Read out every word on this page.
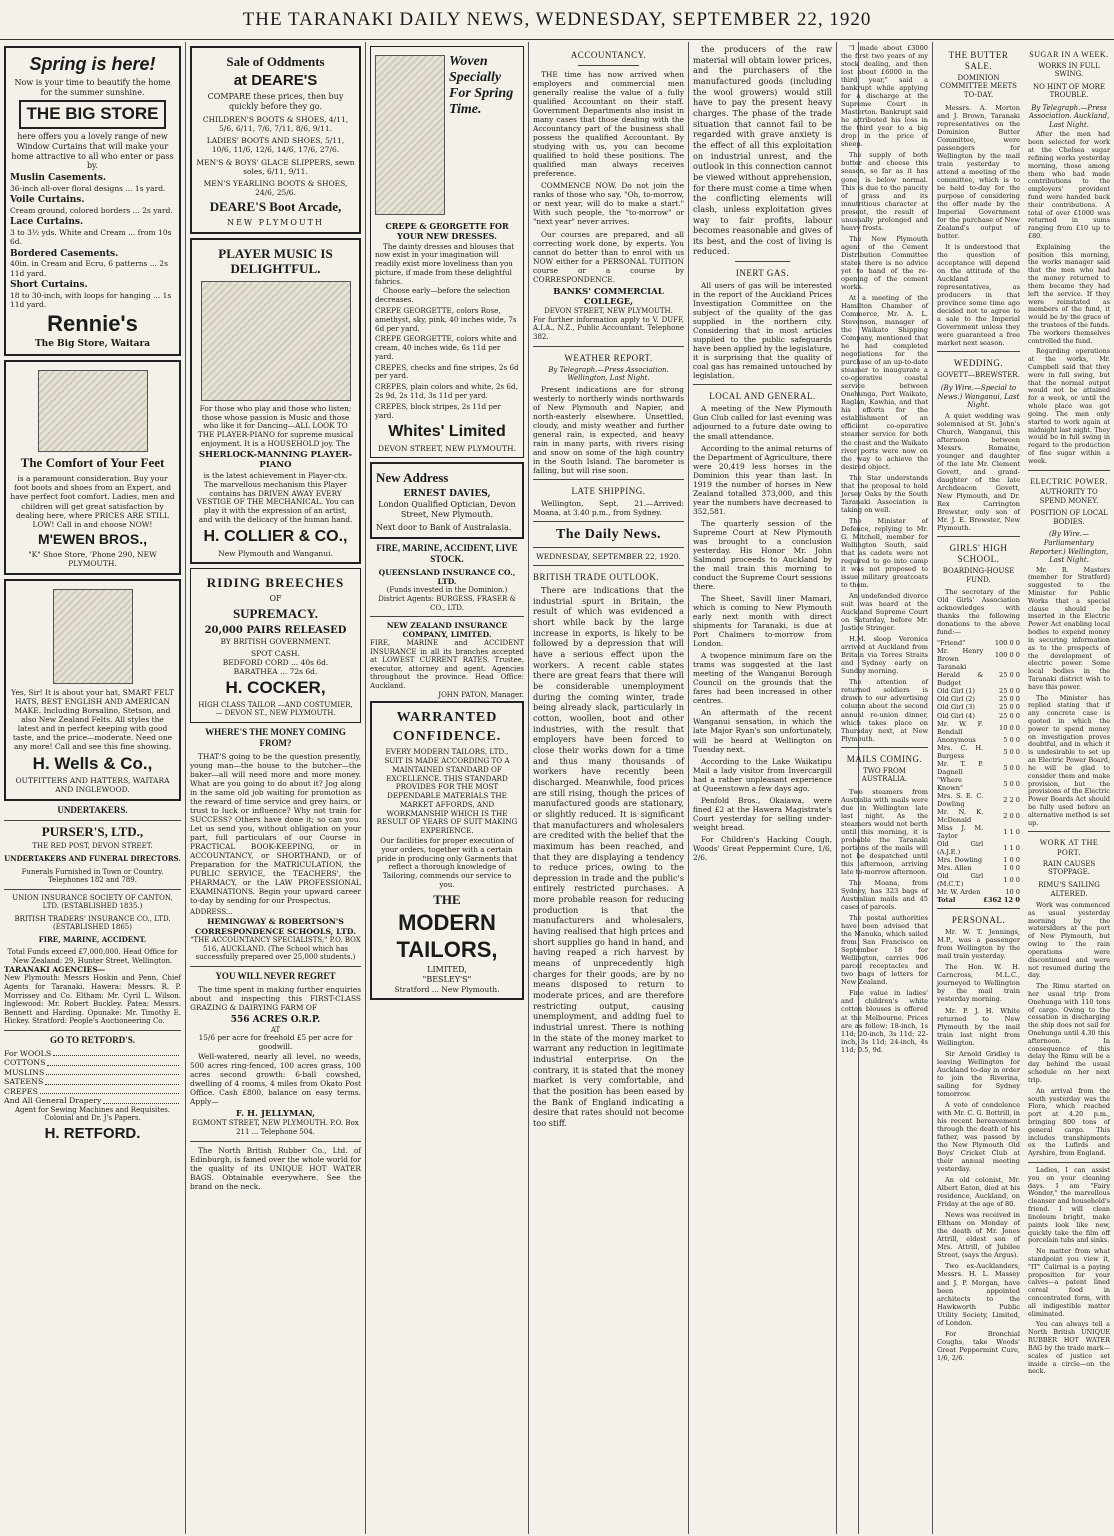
THE TARANAKI DAILY NEWS, WEDNESDAY, SEPTEMBER 22, 1920
Spring is here!

Now is your time to beautify the home for the summer sunshine.

THE BIG STORE

here offers you a lovely range of new Window Curtains that will make your home attractive to all who enter or pass by.

Muslin Casements.
36-inch all-over floral designs ... 1s yard.
Voile Curtains.
Cream ground, colored borders ... 2s yard.
Lace Curtains.
3 to 3½ yds. White and Cream ... from 10s 6d.
Bordered Casements.
40in. in Cream and Ecru, 6 patterns ... 2s 11d yard.
Short Curtains.
18 to 30-inch, with loops for hanging ... 1s 11d yard.
Rennie's
The Big Store, Waitara
The Comfort of Your Feet

is a paramount consideration. Buy your foot boots and shoes from an Expert, and have perfect foot comfort. Ladies, men and children will get great satisfaction by dealing here, where PRICES ARE STILL LOW! Call in and choose NOW!

M'EWEN BROS.,
"K" Shoe Store, 'Phone 290, NEW PLYMOUTH.

Yes, Sir! It is about your hat, SMART FELT HATS, BEST ENGLISH AND AMERICAN MAKE. Including Borsalino, Stetson, and also New Zealand Felts. All styles the latest and in perfect keeping with good taste, and the price—moderate. Need one any more! Call and see this fine showing.

H. Wells & Co.,
OUTFITTERS AND HATTERS, WAITARA AND INGLEWOOD.
UNDERTAKERS.
PURSER'S, LTD.,
THE RED POST, DEVON STREET.
UNDERTAKERS AND FUNERAL DIRECTORS.
Funerals Furnished in Town or Country. Telephones 182 and 789.
UNION INSURANCE SOCIETY OF CANTON, LTD. (ESTABLISHED 1835.)
BRITISH TRADERS' INSURANCE CO., LTD. (ESTABLISHED 1865)
FIRE, MARINE, ACCIDENT.
Total Funds exceed £7,000,000. Head Office for New Zealand: 29, Hunter Street, Wellington.
TARANAKI AGENCIES—
New Plymouth: Messrs Hoskin and Penn, Chief Agents for Taranaki. Hawera: Messrs. R. P. Morrissey and Co. Eltham: Mr. Cyril L. Wilson. Inglewood: Mr. Robert Buckley. Patea: Messrs. Bennett and Harding. Opunake: Mr. Timothy E. Hickey. Stratford: People's Auctioneering Co.
GO TO RETFORD'S.
For WOOLS
COTTONS
MUSLINS
SATEENS
CREPES
And All General Drapery
Agent for Sewing Machines and Requisites. Colonial and Dr. J's Papers.
H. RETFORD.
Sale of Oddments
at DEARE'S

COMPARE these prices, then buy quickly before they go.

CHILDREN'S BOOTS & SHOES, 4/11, 5/6, 6/11, 7/6, 7/11, 8/6, 9/11.
LADIES' BOOTS AND SHOES, 5/11, 10/6, 11/6, 12/6, 14/6, 17/6, 27/6.
MEN'S & BOYS' GLACE SLIPPERS, sewn soles, 6/11, 9/11.
MEN'S YEARLING BOOTS & SHOES, 24/6, 25/6.
DEARE'S Boot Arcade,
NEW PLYMOUTH
PLAYER MUSIC IS DELIGHTFUL.

For those who play and those who listen; those whose passion is Music and those who like it for Dancing—ALL LOOK TO THE PLAYER-PIANO for supreme musical enjoyment. It is a HOUSEHOLD joy. The

SHERLOCK-MANNING PLAYER-PIANO

is the latest achievement in Player-ctx. The marvellous mechanism this Player contains has DRIVEN AWAY EVERY VESTIGE OF THE MECHANICAL. You can play it with the expression of an artist, and with the delicacy of the human hand.

H. COLLIER & CO.,
New Plymouth and Wanganui.
RIDING BREECHES
OF
SUPREMACY.
20,000 PAIRS RELEASED
BY BRITISH GOVERNMENT.
SPOT CASH.
BEDFORD CORD ... 40s 6d.
BARATHEA ... 72s 6d.
H. COCKER,
HIGH CLASS TAILOR —AND COSTUMIER,— DEVON ST., NEW PLYMOUTH.
WHERE'S THE MONEY COMING FROM?

THAT'S going to be the question presently, young man—the house to the butcher—the baker—all will need more and more money. What are you going to do about it? Jog along in the same old job waiting for promotion as the reward of time service and grey hairs, or trust to luck or influence? Why not train for SUCCESS? Others have done it; so can you. Let us send you, without obligation on your part, full particulars of our Course in PRACTICAL BOOK-KEEPING, or in ACCOUNTANCY, or SHORTHAND, or of Preparation for the MATRICULATION, the PUBLIC SERVICE, the TEACHERS', the PHARMACY, or the LAW PROFESSIONAL EXAMINATIONS. Begin your upward career to-day by sending for our Prospectus.

ADDRESS...
HEMINGWAY & ROBERTSON'S CORRESPONDENCE SCHOOLS, LTD.
"THE ACCOUNTANCY SPECIALISTS," P.O. BOX 516, AUCKLAND. (The School which has successfully prepared over 25,000 students.)
YOU WILL NEVER REGRET

The time spent in making further enquiries about and inspecting this FIRST-CLASS GRAZING & DAIRYING FARM OF

556 ACRES O.R.P.
AT
15/6 per acre for freehold £5 per acre for goodwill.

Well-watered, nearly all level, no weeds, 500 acres ring-fenced, 100 acres grass, 100 acres second growth: 6-ball cowshed, dwelling of 4 rooms, 4 miles from Okato Post Office. Cash £800, balance on easy terms. Apply—

F. H. JELLYMAN,
EGMONT STREET, NEW PLYMOUTH. P.O. Box 211 ... Telephone 504.

The North British Rubber Co., Ltd. of Edinburgh, is famed over the whole world for the quality of its UNIQUE HOT WATER BAGS. Obtainable everywhere. See the brand on the neck.

Woven Specially For Spring Time.
CREPE & GEORGETTE FOR YOUR NEW DRESSES.

The dainty dresses and blouses that now exist in your imagination will readily exist more loveliness than you picture, if made from these delightful fabrics.

Choose early—before the selection decreases.

CREPE GEORGETTE, colors Rose, amethyst, sky, pink, 40 inches wide, 7s 6d per yard.
CREPE GEORGETTE, colors white and cream, 40 inches wide, 6s 11d per yard.
CREPES, checks and fine stripes, 2s 6d per yard.
CREPES, plain colors and white, 2s 6d, 2s 9d, 2s 11d, 3s 11d per yard.
CREPES, block stripes, 2s 11d per yard.
Whites' Limited
DEVON STREET, NEW PLYMOUTH.
New Address
ERNEST DAVIES,
London Qualified Optician, Devon Street, New Plymouth.
Next door to Bank of Australasia.
FIRE, MARINE, ACCIDENT, LIVE STOCK.
QUEENSLAND INSURANCE CO., LTD.
(Funds invested in the Dominion.)
District Agents: BURGESS, FRASER & CO., LTD.
NEW ZEALAND INSURANCE COMPANY, LIMITED.
FIRE, MARINE and ACCIDENT INSURANCE in all its branches accepted at LOWEST CURRENT RATES. Trustee, executor, attorney and agent. Agencies throughout the province. Head Office: Auckland.
JOHN PATON, Manager.
WARRANTED
CONFIDENCE.

EVERY MODERN TAILORS, LTD., SUIT IS MADE ACCORDING TO A MAINTAINED STANDARD OF EXCELLENCE. THIS STANDARD PROVIDES FOR THE MOST DEPENDABLE MATERIALS THE MARKET AFFORDS, AND WORKMANSHIP WHICH IS THE RESULT OF YEARS OF SUIT MAKING EXPERIENCE.

Our facilities for proper execution of your orders, together with a certain pride in producing only Garments that reflect a thorough knowledge of Tailoring, commends our service to you.

THE
MODERN
TAILORS,
LIMITED,
"BESLEY'S"
Stratford ... New Plymouth.
ACCOUNTANCY.

THE time has now arrived when employers and commercial men generally realise the value of a fully qualified Accountant on their staff. Government Departments also insist in many cases that those dealing with the Accountancy part of the business shall possess the qualified Accountant. By studying with us, you can become qualified to hold these positions. The qualified man always receives preference.

COMMENCE NOW. Do not join the ranks of those who say, "Oh, to-morrow, or next year, will do to make a start." With such people, the "to-morrow" or "next year" never arrives.

Our courses are prepared, and all correcting work done, by experts. You cannot do better than to enrol with us NOW either for a PERSONAL TUITION course or a course by CORRESPONDENCE.

BANKS' COMMERCIAL COLLEGE,
DEVON STREET, NEW PLYMOUTH.
For further information apply to V. DUFF, A.I.A., N.Z., Public Accountant. Telephone 382.
WEATHER REPORT.
By Telegraph.—Press Association. Wellington, Last Night.

Present indications are for strong westerly to northerly winds northwards of New Plymouth and Napier, and north-easterly elsewhere. Unsettled, cloudy, and misty weather and further general rain, is expected, and heavy rain in many parts, with rivers rising and snow on some of the high country in the South Island. The barometer is falling, but will rise soon.

LATE SHIPPING.

Wellington, Sept. 21.—Arrived: Moana, at 3.40 p.m., from Sydney.

The Daily News.
WEDNESDAY, SEPTEMBER 22, 1920.
BRITISH TRADE OUTLOOK.

There are indications that the industrial spurt in Britain, the result of which was evidenced a short while back by the large increase in exports, is likely to be followed by a depression that will have a serious effect upon the workers. A recent cable states there are great fears that there will be considerable unemployment during the coming winter, trade being already slack, particularly in cotton, woollen, boot and other industries, with the result that employers have been forced to close their works down for a time and thus many thousands of workers have recently been discharged. Meanwhile, food prices are still rising, though the prices of manufactured goods are stationary, or slightly reduced. It is significant that manufacturers and wholesalers are credited with the belief that the maximum has been reached, and that they are displaying a tendency to reduce prices, owing to the depression in trade and the public's entirely restricted purchases. A more probable reason for reducing production is that the manufacturers and wholesalers, having realised that high prices and short supplies go hand in hand, and having reaped a rich harvest by means of unprecedently high charges for their goods, are by no means disposed to return to moderate prices, and are therefore restricting output, causing unemployment, and adding fuel to industrial unrest. There is nothing in the state of the money market to warrant any reduction in legitimate industrial enterprise. On the contrary, it is stated that the money market is very comfortable, and that the position has been eased by the Bank of England indicating a desire that rates should not become too stiff.

the producers of the raw material will obtain lower prices, and the purchasers of the manufactured goods (including the wool growers) would still have to pay the present heavy charges. The phase of the trade situation that cannot fail to be regarded with grave anxiety is the effect of all this exploitation on industrial unrest, and the outlook in this connection cannot be viewed without apprehension, for there must come a time when the conflicting elements will clash, unless exploitation gives way to fair profits, labour becomes reasonable and gives of its best, and the cost of living is reduced.

INERT GAS.

All users of gas will be interested in the report of the Auckland Prices Investigation Committee on the subject of the quality of the gas supplied in the northern city. Considering that in most articles supplied to the public safeguards have been applied by the legislature, it is surprising that the quality of coal gas has remained untouched by legislation.

LOCAL AND GENERAL.

A meeting of the New Plymouth Gun Club called for last evening was adjourned to a future date owing to the small attendance.

According to the animal returns of the Department of Agriculture, there were 20,419 less horses in the Dominion this year than last. In 1919 the number of horses in New Zealand totalled 373,000, and this year the numbers have decreased to 352,581.

The quarterly session of the Supreme Court at New Plymouth was brought to a conclusion yesterday. His Honor Mr. John Salmond proceeds to Auckland by the mail train this morning to conduct the Supreme Court sessions there.

The Sheet, Savill liner Mamari, which is coming to New Plymouth early next month with direct shipments for Taranaki, is due at Port Chalmers to-morrow from London.

A twopence minimum fare on the trams was suggested at the last meeting of the Wanganui Borough Council on the grounds that the fares had been increased in other centres.

An aftermath of the recent Wanganui sensation, in which the late Major Ryan's son unfortunately, will be heard at Wellington on Tuesday next.

According to the Lake Waikatipu Mail a lady visitor from Invercargill had a rather unpleasant experience at Queenstown a few days ago.

Penfold Bros., Okaiawa, were fined £2 at the Hawera Magistrate's Court yesterday for selling under-weight bread.

For Children's Hacking Cough, Woods' Great Peppermint Cure, 1/6, 2/6.

"I made about £3000 the first two years of my stock dealing, and then lost about £6000 in the third year," said a bankrupt while applying for a discharge at the Supreme Court in Masterton. Bankrupt said he attributed his loss in the third year to a big drop in the price of sheep.

The supply of both butter and cheese this season, so far as it has gone, is below normal. This is due to the paucity of grass and its innutritious character at present, the result of unusually prolonged and heavy frosts.

The New Plymouth agent of the Cement Distribution Committee states there is no advice yet to hand of the re-opening of the cement works.

At a meeting of the Hamilton Chamber of Commerce, Mr. A. L. Stevenson, manager of the Waikato Shipping Company, mentioned that he had completed negotiations for the purchase of an up-to-date steamer to inaugurate a co-operative coastal service between Onehunga, Port Waikato, Raglan, Kawhia, and that his efforts for the establishment of an efficient co-operative steamer service for both the coast and the Waikato river ports were now on the way to achieve the desired object.

The Star understands that the proposal to hold Jersey Oaks by the South Taranaki Association is taking on well.

The Minister of Defence, replying to Mr. G. Mitchell, member for Wellington South, said that as cadets were not required to go into camp it was not proposed to issue military greatcoats to them.

An undefended divorce suit was heard at the Auckland Supreme Court on Saturday, before Mr. Justice Stringer.

H.M. sloop Veronica arrived at Auckland from Britain via Torres Straits and Sydney early on Sunday morning.

The attention of returned soldiers is drawn to our advertising column about the second annual re-union dinner, which takes place on Thursday next, at New Plymouth.

MAILS COMING.
TWO FROM AUSTRALIA.

Two steamers from Australia with mails were due in Wellington late last night. As the steamers would not berth until this morning, it is probable the Taranaki portions of the mails will not be despatched until this afternoon, arriving late to-morrow afternoon.

The Moana, from Sydney, has 323 bags of Australian mails and 45 cases of parcels.

The postal authorities have been advised that the Manuka, which sailed from San Francisco on September 18 for Wellington, carries 906 parcel receptacles and two bags of letters for New Zealand.

Fine value in ladies' and children's white cotton blouses is offered at the Melbourne. Prices are as follow: 18-inch, 1s 11d; 20-inch, 3s 11d; 22-inch, 3s 11d; 24-inch, 4s 11d; 0.5, 9d.

THE BUTTER SALE.
DOMINION COMMITTEE MEETS TO-DAY.

Messrs. A. Morton and J. Brown, Taranaki representatives on the Dominion Butter Committee, were passengers for Wellington by the mail train yesterday to attend a meeting of the committee, which is to be held to-day for the purpose of considering the offer made by the Imperial Government for the purchase of New Zealand's output of butter.

It is understood that the question of acceptance will depend on the attitude of the Auckland representatives, as producers in that province some time ago decided not to agree to a sale to the Imperial Government unless they were guaranteed a free market next season.

WEDDING.
GOVETT—BREWSTER.
(By Wire.—Special to News.) Wanganui, Last Night.

A quiet wedding was solemnised at St. John's Church, Wanganui, this afternoon between Messrs. Romaine, younger and daughter of the late Mr. Clement Govett, and grand-daughter of the late Archdeacon Govett, New Plymouth, and Dr. Rex Carrington Brewster, only son of Mr. J. E. Brewster, New Plymouth.

GIRLS' HIGH SCHOOL.
BOARDING-HOUSE FUND.

The secretary of the Old Girls' Association acknowledges with thanks the following donations to the above fund:—

"Friend"	100 0 0
Mr. Henry Brown	100 0 0
Taranaki Herald & Budget	25 0 0
Old Girl (1)	25 0 0
Old Girl (2)	25 0 0
Old Girl (3)	25 0 0
Old Girl (4)	25 0 0
Mr. W. F. Bendall	10 0 0
Anonymous	5 0 0
Mrs. C. H. Burgess	5 0 0
Mr. T. P. Dagnell	5 0 0
"Where Known"	5 0 0
Mrs. S. E. C. Dowling	2 2 0
Mr. N. K. McDonald	2 0 0
Miss J. M. Taylor	1 1 0
Old Girl (A.J.E.)	1 1 0
Mrs. Dowling	1 0 0
Mrs. Allen	1 0 0
Old Girl (M.C.T.)	1 0 0
Mr. W. Arden	10 0
Total	£362 12 0
PERSONAL.

Mr. W. T. Jennings, M.P., was a passenger from Wellington by the mail train yesterday.

The Hon. W. H. Carncross, M.L.C., journeyed to Wellington by the mail train yesterday morning.

Mr. P. J. H. White returned to New Plymouth by the mail train last night from Wellington.

Sir Arnold Gridley is leaving Wellington for Auckland to-day in order to join the Riverina, sailing for Sydney tomorrow.

A vote of condolence with Mr. C. G. Bottrill, in his recent bereavement through the death of his father, was passed by the New Plymouth Old Boys' Cricket Club at their annual meeting yesterday.

An old colonist, Mr. Albert Eaton, died at his residence, Auckland, on Friday at the age of 80.

News was received in Eltham on Monday of the death of Mr. Jones Attrill, eldest son of Mrs. Attrill, of Jubilee Street, (says the Argus).

Two ex-Aucklanders, Messrs. H. L. Massey and J. P. Morgan, have been appointed architects to the Hawkworth Public Utility Society, Limited, of London.

For Bronchial Coughs, take Woods' Great Peppermint Cure, 1/6, 2/6.

SUGAR IN A WEEK.
WORKS IN FULL SWING.
NO HINT OF MORE TROUBLE.
By Telegraph.—Press Association. Auckland, Last Night.

After the men had been selected for work at the Chelsea sugar refining works yesterday morning, those among them who had made contributions to the employers' provident fund were handed back their contributions. A total of over £1000 was returned in sums ranging from £10 up to £80.

Explaining the position this morning, the works manager said that the men who had the money returned to them became they had left the service. If they were reinstated as members of the fund, it would be by the grace of the trustees of the funds. The workers themselves controlled the fund.

Regarding operations at the works, Mr. Campbell said that they were in full swing, but that the normal output would not be attained for a week, or until the whole place was got going. The men only started to work again at midnight last night. They would be in full swing in regard to the production of fine sugar within a week.

ELECTRIC POWER.
AUTHORITY TO SPEND MONEY.
POSITION OF LOCAL BODIES.
(By Wire.—Parliamentary Reporter.) Wellington, Last Night.

Mr. R. Masters (member for Stratford) suggested to the Minister for Public Works that a special clause should be inserted in the Electric Power Act enabling local bodies to expend money in securing information as to the prospects of the development of electric power. Some local bodies in the Taranaki district wish to have this power.

The Minister has replied stating that if any concrete case is quoted in which the power to spend money on investigation proves doubtful, and in which it is undesirable to set up an Electric Power Board, he will be glad to consider them and make provision, but the provisions of the Electric Power Boards Act should be fully used before an alternative method is set up.

WORK AT THE PORT.
RAIN CAUSES STOPPAGE.
RIMU'S SAILING ALTERED.

Work was commenced as usual yesterday morning by the waterslders at the port of New Plymouth, but owing to the rain operations were discontinued and were not resumed during the day.

The Rimu started on her usual trip from Onehunga with 110 tons of cargo. Owing to the cessation in discharging the ship does not sail for Onehunga until 4.30 this afternoon. In consequence of this delay the Rimu will be a day behind the usual schedule on her next trip.

An arrival from the south yesterday was the Flora, which reached port at 4.20 p.m., bringing 800 tons of general cargo. This includes transhipments ex the Lufirds and Ayrshire, from England.

Ladies, I can assist you on your cleaning days. I am "Fairy Wonder," the marvellous cleanser and household's friend. I will clean linoleum bright, make paints look like new, quickly take the film off porcelain tubs and sinks.

No matter from what standpoint you view it, "IT" Calirnal is a paying proposition for your calves—a patent lined cereal food in concentrated form, with all indigestible matter eliminated.

You can always tell a North British UNIQUE RUBBER HOT WATER BAG by the trade mark—scales of justice set inside a circle—on the neck.
